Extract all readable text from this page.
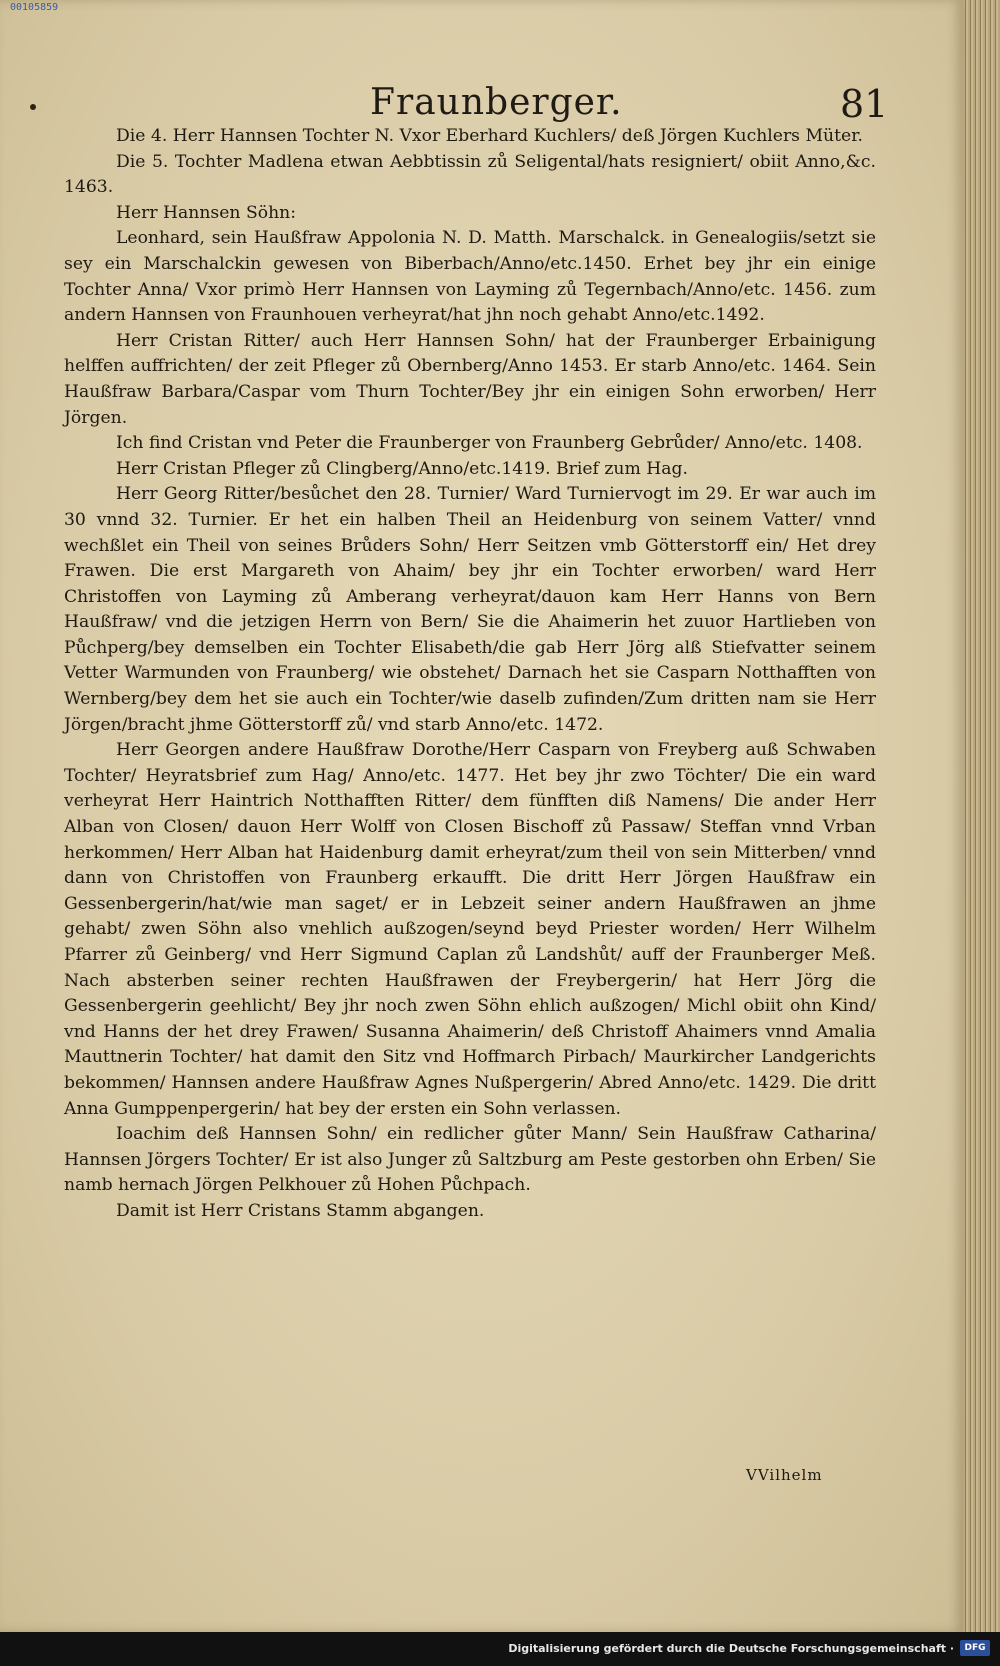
00105859
Fraunberger.	81

Die 4. Herr Hannsen Tochter N. Vxor Eberhard Kuchlers/ deß Jörgen Kuchlers Müter.

Die 5. Tochter Madlena etwan Aebbtissin zů Seligental/hats resigniert/ obiit Anno,&c. 1463.

Herr Hannsen Söhn:

Leonhard, sein Haußfraw Appolonia N. D. Matth. Marschalck. in Genealogiis/setzt sie sey ein Marschalckin gewesen von Biberbach/Anno/etc.1450. Erhet bey jhr ein einige Tochter Anna/ Vxor primò Herr Hannsen von Layming zů Tegernbach/Anno/etc. 1456. zum andern Hannsen von Fraunhouen verheyrat/hat jhn noch gehabt Anno/etc.1492.

Herr Cristan Ritter/ auch Herr Hannsen Sohn/ hat der Fraunberger Erbainigung helffen auffrichten/ der zeit Pfleger zů Obernberg/Anno 1453. Er starb Anno/etc. 1464. Sein Haußfraw Barbara/Caspar vom Thurn Tochter/Bey jhr ein einigen Sohn erworben/ Herr Jörgen.

Ich find Cristan vnd Peter die Fraunberger von Fraunberg Gebrůder/ Anno/etc. 1408.

Herr Cristan Pfleger zů Clingberg/Anno/etc.1419. Brief zum Hag.

Herr Georg Ritter/besůchet den 28. Turnier/ Ward Turniervogt im 29. Er war auch im 30 vnnd 32. Turnier. Er het ein halben Theil an Heidenburg von seinem Vatter/ vnnd wechßlet ein Theil von seines Brůders Sohn/ Herr Seitzen vmb Götterstorff ein/ Het drey Frawen. Die erst Margareth von Ahaim/ bey jhr ein Tochter erworben/ ward Herr Christoffen von Layming zů Amberang verheyrat/dauon kam Herr Hanns von Bern Haußfraw/ vnd die jetzigen Herrn von Bern/ Sie die Ahaimerin het zuuor Hartlieben von Půchperg/bey demselben ein Tochter Elisabeth/die gab Herr Jörg alß Stiefvatter seinem Vetter Warmunden von Fraunberg/ wie obstehet/ Darnach het sie Casparn Notthafften von Wernberg/bey dem het sie auch ein Tochter/wie daselb zufinden/Zum dritten nam sie Herr Jörgen/bracht jhme Götterstorff zů/ vnd starb Anno/etc. 1472.

Herr Georgen andere Haußfraw Dorothe/Herr Casparn von Freyberg auß Schwaben Tochter/ Heyratsbrief zum Hag/ Anno/etc. 1477. Het bey jhr zwo Töchter/ Die ein ward verheyrat Herr Haintrich Notthafften Ritter/ dem fünfften diß Namens/ Die ander Herr Alban von Closen/ dauon Herr Wolff von Closen Bischoff zů Passaw/ Steffan vnnd Vrban herkommen/ Herr Alban hat Haidenburg damit erheyrat/zum theil von sein Mitterben/ vnnd dann von Christoffen von Fraunberg erkaufft. Die dritt Herr Jörgen Haußfraw ein Gessenbergerin/hat/wie man saget/ er in Lebzeit seiner andern Haußfrawen an jhme gehabt/ zwen Söhn also vnehlich außzogen/seynd beyd Priester worden/ Herr Wilhelm Pfarrer zů Geinberg/ vnd Herr Sigmund Caplan zů Landshůt/ auff der Fraunberger Meß. Nach absterben seiner rechten Haußfrawen der Freybergerin/ hat Herr Jörg die Gessenbergerin geehlicht/ Bey jhr noch zwen Söhn ehlich außzogen/ Michl obiit ohn Kind/ vnd Hanns der het drey Frawen/ Susanna Ahaimerin/ deß Christoff Ahaimers vnnd Amalia Mauttnerin Tochter/ hat damit den Sitz vnd Hoffmarch Pirbach/ Maurkircher Landgerichts bekommen/ Hannsen andere Haußfraw Agnes Nußpergerin/ Abred Anno/etc. 1429. Die dritt Anna Gumppenpergerin/ hat bey der ersten ein Sohn verlassen.

Ioachim deß Hannsen Sohn/ ein redlicher gůter Mann/ Sein Haußfraw Catharina/ Hannsen Jörgers Tochter/ Er ist also Junger zů Saltzburg am Peste gestorben ohn Erben/ Sie namb hernach Jörgen Pelkhouer zů Hohen Půchpach.

Damit ist Herr Cristans Stamm abgangen.

VVilhelm
Digitalisierung gefördert durch die Deutsche Forschungsgemeinschaft ·	DFG
